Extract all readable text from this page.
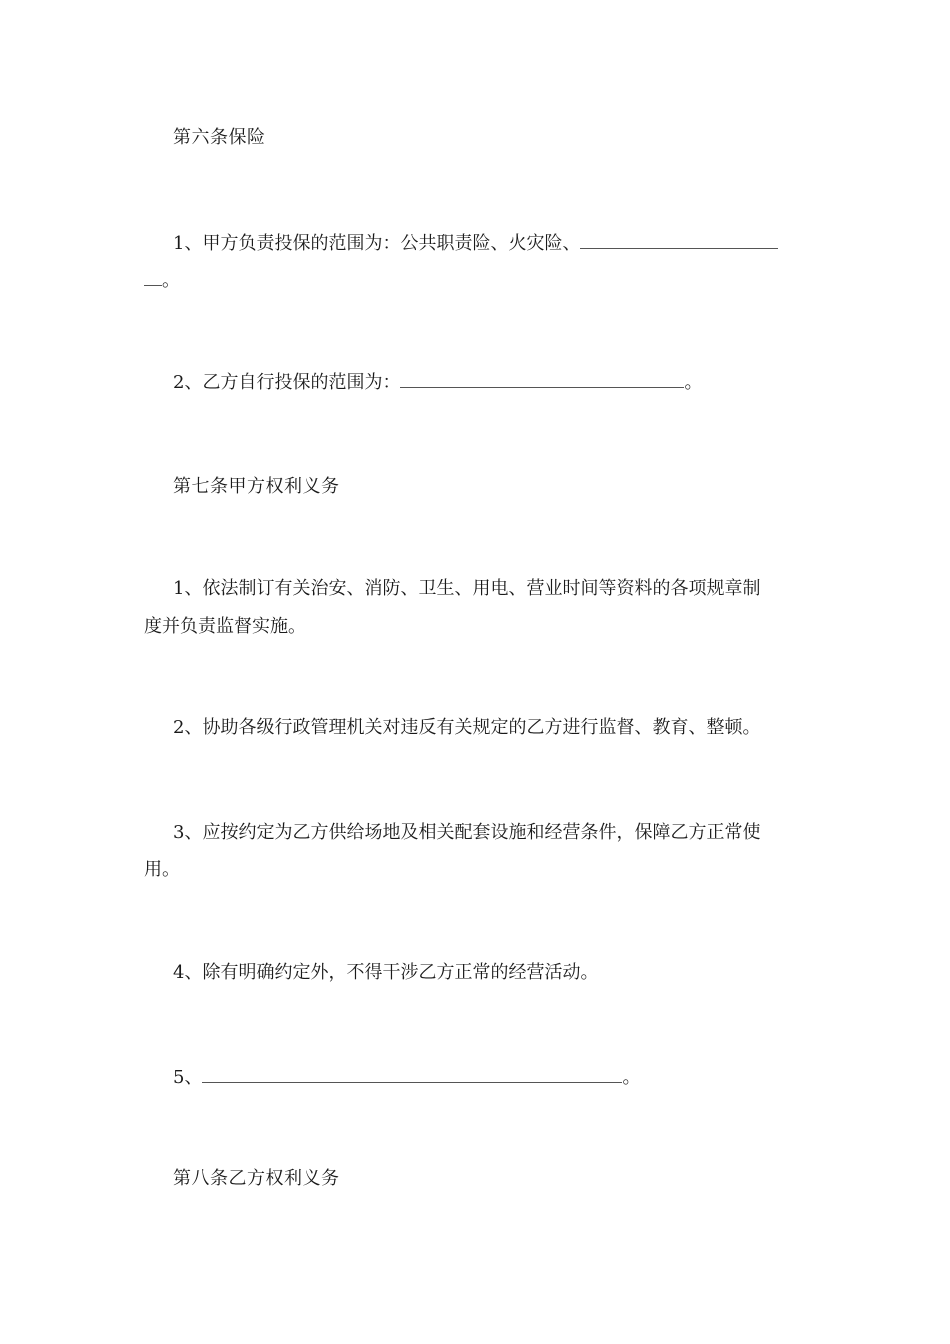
第六条保险
1、甲方负责投保的范围为：公共职责险、火灾险、
。
2、乙方自行投保的范围为：	。
第七条甲方权利义务
1、依法制订有关治安、消防、卫生、用电、营业时间等资料的各项规章制
度并负责监督实施。
2、协助各级行政管理机关对违反有关规定的乙方进行监督、教育、整顿。
3、应按约定为乙方供给场地及相关配套设施和经营条件，保障乙方正常使
用。
4、除有明确约定外，不得干涉乙方正常的经营活动。
5、	。
第八条乙方权利义务
